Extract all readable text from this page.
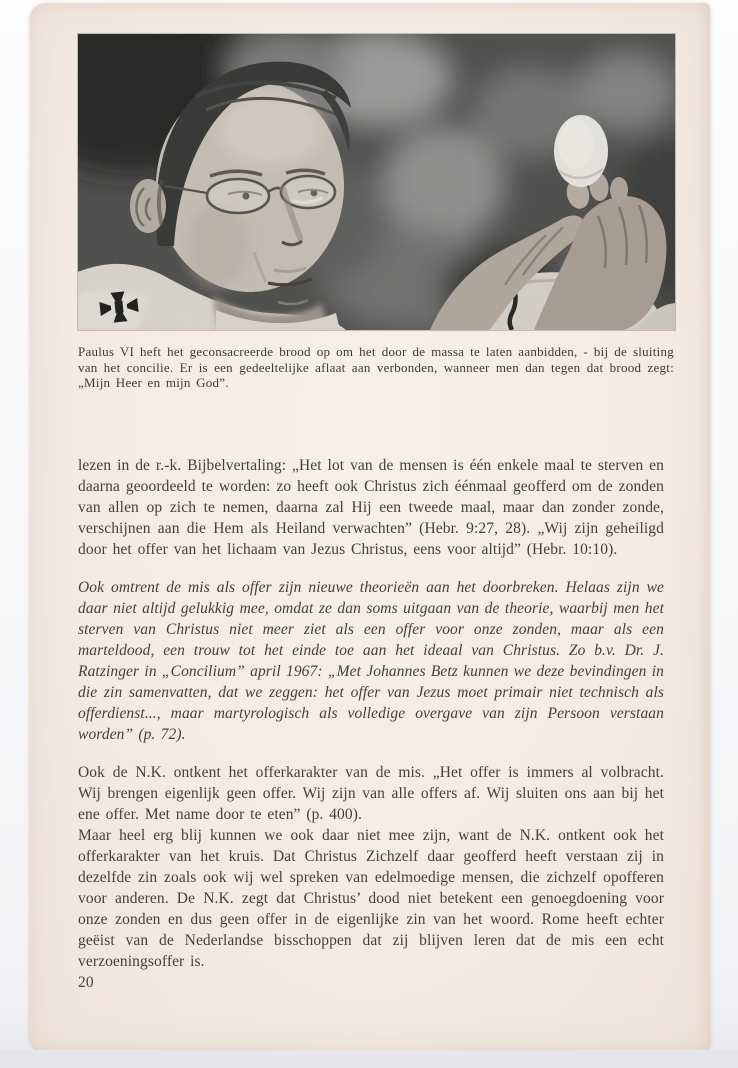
Paulus VI heft het geconsacreerde brood op om het door de massa te laten aanbidden, - bij de sluiting van het concilie. Er is een gedeeltelijke aflaat aan verbonden, wanneer men dan tegen dat brood zegt: „Mijn Heer en mijn God”.

lezen in de r.-k. Bijbelvertaling: „Het lot van de mensen is één enkele maal te sterven en daarna geoordeeld te worden: zo heeft ook Christus zich éénmaal geofferd om de zonden van allen op zich te nemen, daarna zal Hij een tweede maal, maar dan zonder zonde, verschijnen aan die Hem als Heiland verwachten” (Hebr. 9:27, 28). „Wij zijn geheiligd door het offer van het lichaam van Jezus Christus, eens voor altijd” (Hebr. 10:10).

Ook omtrent de mis als offer zijn nieuwe theorieën aan het doorbreken. Helaas zijn we daar niet altijd gelukkig mee, omdat ze dan soms uitgaan van de theorie, waarbij men het sterven van Christus niet meer ziet als een offer voor onze zonden, maar als een marteldood, een trouw tot het einde toe aan het ideaal van Christus. Zo b.v. Dr. J. Ratzinger in „Concilium” april 1967: „Met Johannes Betz kunnen we deze bevindingen in die zin samenvatten, dat we zeggen: het offer van Jezus moet primair niet technisch als offerdienst..., maar martyrologisch als volledige overgave van zijn Persoon verstaan worden” (p. 72).

Ook de N.K. ontkent het offerkarakter van de mis. „Het offer is immers al volbracht. Wij brengen eigenlijk geen offer. Wij zijn van alle offers af. Wij sluiten ons aan bij het ene offer. Met name door te eten” (p. 400).

Maar heel erg blij kunnen we ook daar niet mee zijn, want de N.K. ontkent ook het offerkarakter van het kruis. Dat Christus Zichzelf daar geofferd heeft verstaan zij in dezelfde zin zoals ook wij wel spreken van edelmoedige mensen, die zichzelf opofferen voor anderen. De N.K. zegt dat Christus’ dood niet betekent een genoegdoening voor onze zonden en dus geen offer in de eigenlijke zin van het woord. Rome heeft echter geëist van de Nederlandse bisschoppen dat zij blijven leren dat de mis een echt verzoeningsoffer is.

20
